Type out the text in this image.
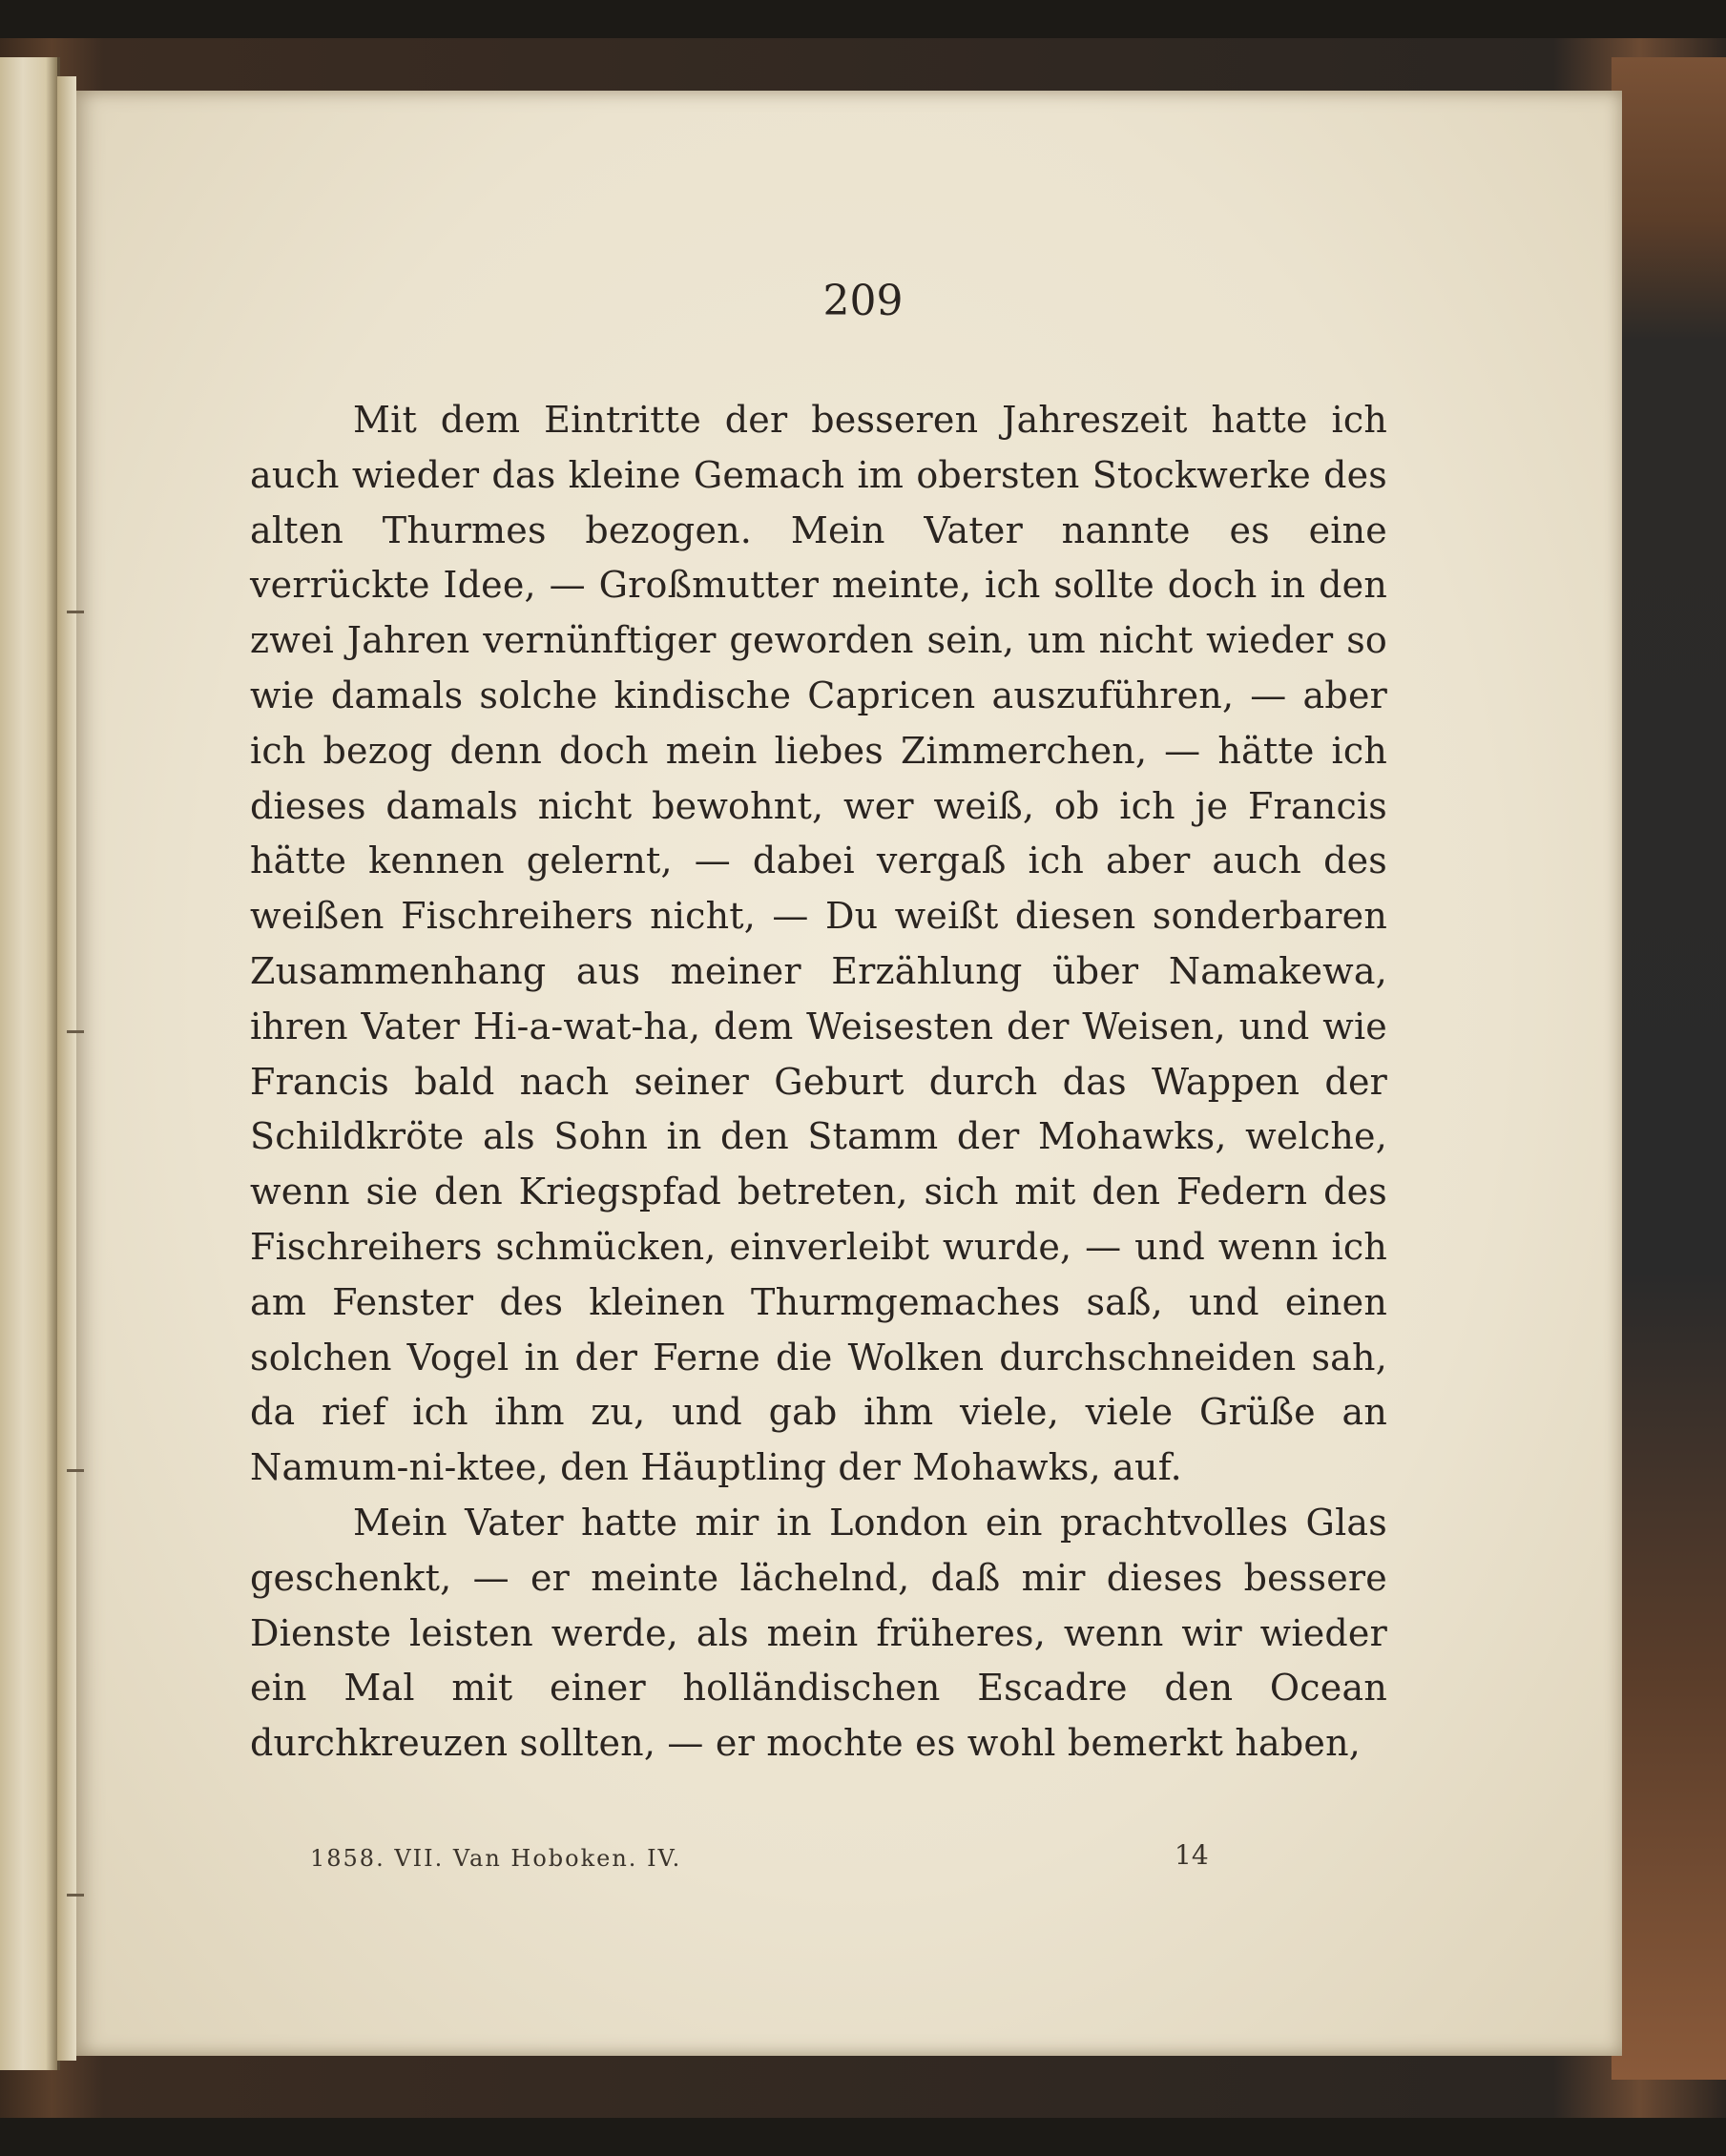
209

Mit dem Eintritte der besseren Jahreszeit hatte ich auch wieder das kleine Gemach im obersten Stockwerke des alten Thurmes bezogen. Mein Vater nannte es eine verrückte Idee, — Großmutter meinte, ich sollte doch in den zwei Jahren vernünftiger geworden sein, um nicht wieder so wie damals solche kindische Capricen auszuführen, — aber ich bezog denn doch mein liebes Zimmerchen, — hätte ich dieses damals nicht bewohnt, wer weiß, ob ich je Francis hätte kennen gelernt, — dabei vergaß ich aber auch des weißen Fischreihers nicht, — Du weißt diesen sonderbaren Zusammenhang aus meiner Erzählung über Namakewa, ihren Vater Hi-a-wat-ha, dem Weisesten der Weisen, und wie Francis bald nach seiner Geburt durch das Wappen der Schildkröte als Sohn in den Stamm der Mohawks, welche, wenn sie den Kriegspfad betreten, sich mit den Federn des Fischreihers schmücken, einverleibt wurde, — und wenn ich am Fenster des kleinen Thurmgemaches saß, und einen solchen Vogel in der Ferne die Wolken durchschneiden sah, da rief ich ihm zu, und gab ihm viele, viele Grüße an Namum-ni-ktee, den Häuptling der Mohawks, auf.

Mein Vater hatte mir in London ein prachtvolles Glas geschenkt, — er meinte lächelnd, daß mir dieses bessere Dienste leisten werde, als mein früheres, wenn wir wieder ein Mal mit einer holländischen Escadre den Ocean durchkreuzen sollten, — er mochte es wohl bemerkt haben,

1858. VII. Van Hoboken. IV.	14
